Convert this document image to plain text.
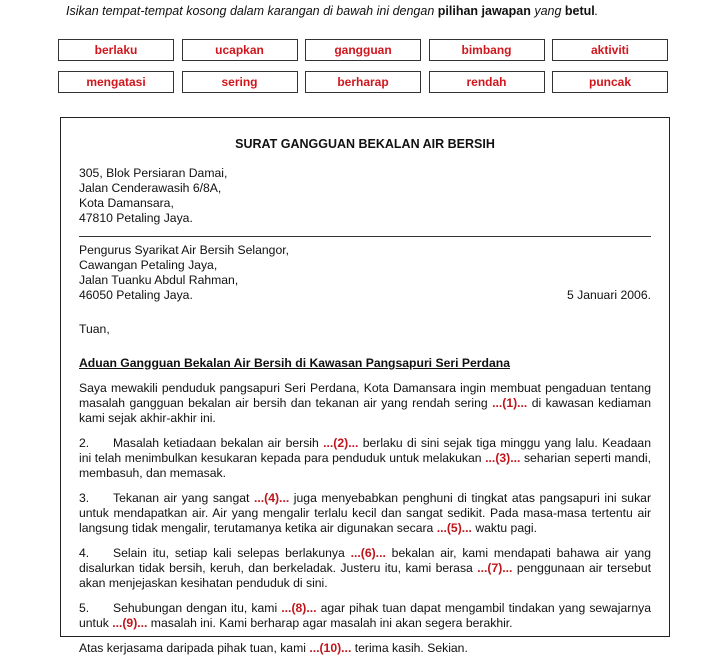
Isikan tempat-tempat kosong dalam karangan di bawah ini dengan pilihan jawapan yang betul.
berlaku	ucapkan	gangguan	bimbang	aktiviti
mengatasi	sering	berharap	rendah	puncak
SURAT GANGGUAN BEKALAN AIR BERSIH
305, Blok Persiaran Damai,
Jalan Cenderawasih 6/8A,
Kota Damansara,
47810 Petaling Jaya.
Pengurus Syarikat Air Bersih Selangor,
Cawangan Petaling Jaya,
Jalan Tuanku Abdul Rahman,
46050 Petaling Jaya.	5 Januari 2006.
Tuan,
Aduan Gangguan Bekalan Air Bersih di Kawasan Pangsapuri Seri Perdana
Saya mewakili penduduk pangsapuri Seri Perdana, Kota Damansara ingin membuat pengaduan tentang masalah gangguan bekalan air bersih dan tekanan air yang rendah sering ...(1)... di kawasan kediaman kami sejak akhir-akhir ini.
2. Masalah ketiadaan bekalan air bersih ...(2)... berlaku di sini sejak tiga minggu yang lalu. Keadaan ini telah menimbulkan kesukaran kepada para penduduk untuk melakukan ...(3)... seharian seperti mandi, membasuh, dan memasak.
3. Tekanan air yang sangat ...(4)... juga menyebabkan penghuni di tingkat atas pangsapuri ini sukar untuk mendapatkan air. Air yang mengalir terlalu kecil dan sangat sedikit. Pada masa-masa tertentu air langsung tidak mengalir, terutamanya ketika air digunakan secara ...(5)... waktu pagi.
4. Selain itu, setiap kali selepas berlakunya ...(6)... bekalan air, kami mendapati bahawa air yang disalurkan tidak bersih, keruh, dan berkeladak. Justeru itu, kami berasa ...(7)... penggunaan air tersebut akan menjejaskan kesihatan penduduk di sini.
5. Sehubungan dengan itu, kami ...(8)... agar pihak tuan dapat mengambil tindakan yang sewajarnya untuk ...(9)... masalah ini. Kami berharap agar masalah ini akan segera berakhir.
Atas kerjasama daripada pihak tuan, kami ...(10)... terima kasih. Sekian.
